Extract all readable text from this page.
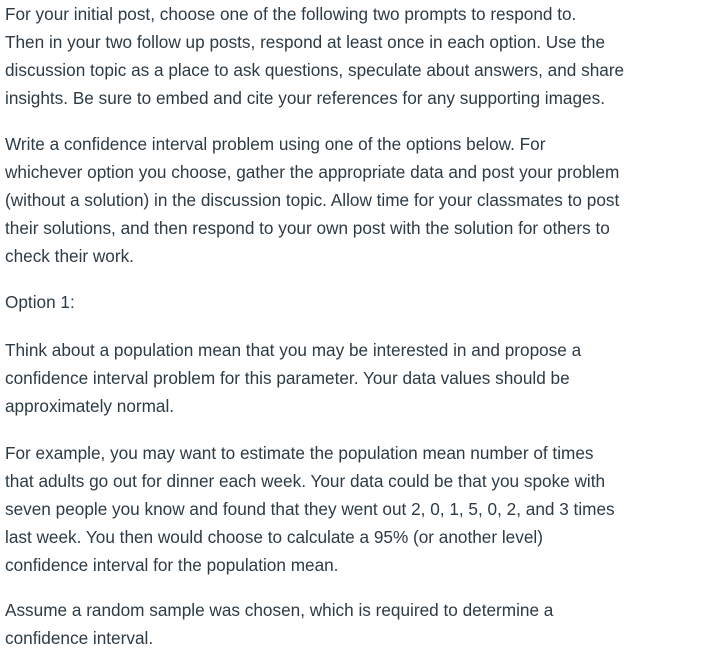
For your initial post, choose one of the following two prompts to respond to.
Then in your two follow up posts, respond at least once in each option. Use the
discussion topic as a place to ask questions, speculate about answers, and share
insights. Be sure to embed and cite your references for any supporting images.

Write a confidence interval problem using one of the options below. For
whichever option you choose, gather the appropriate data and post your problem
(without a solution) in the discussion topic. Allow time for your classmates to post
their solutions, and then respond to your own post with the solution for others to
check their work.

Option 1:

Think about a population mean that you may be interested in and propose a
confidence interval problem for this parameter. Your data values should be
approximately normal.

For example, you may want to estimate the population mean number of times
that adults go out for dinner each week. Your data could be that you spoke with
seven people you know and found that they went out 2, 0, 1, 5, 0, 2, and 3 times
last week. You then would choose to calculate a 95% (or another level)
confidence interval for the population mean.

Assume a random sample was chosen, which is required to determine a
confidence interval.
